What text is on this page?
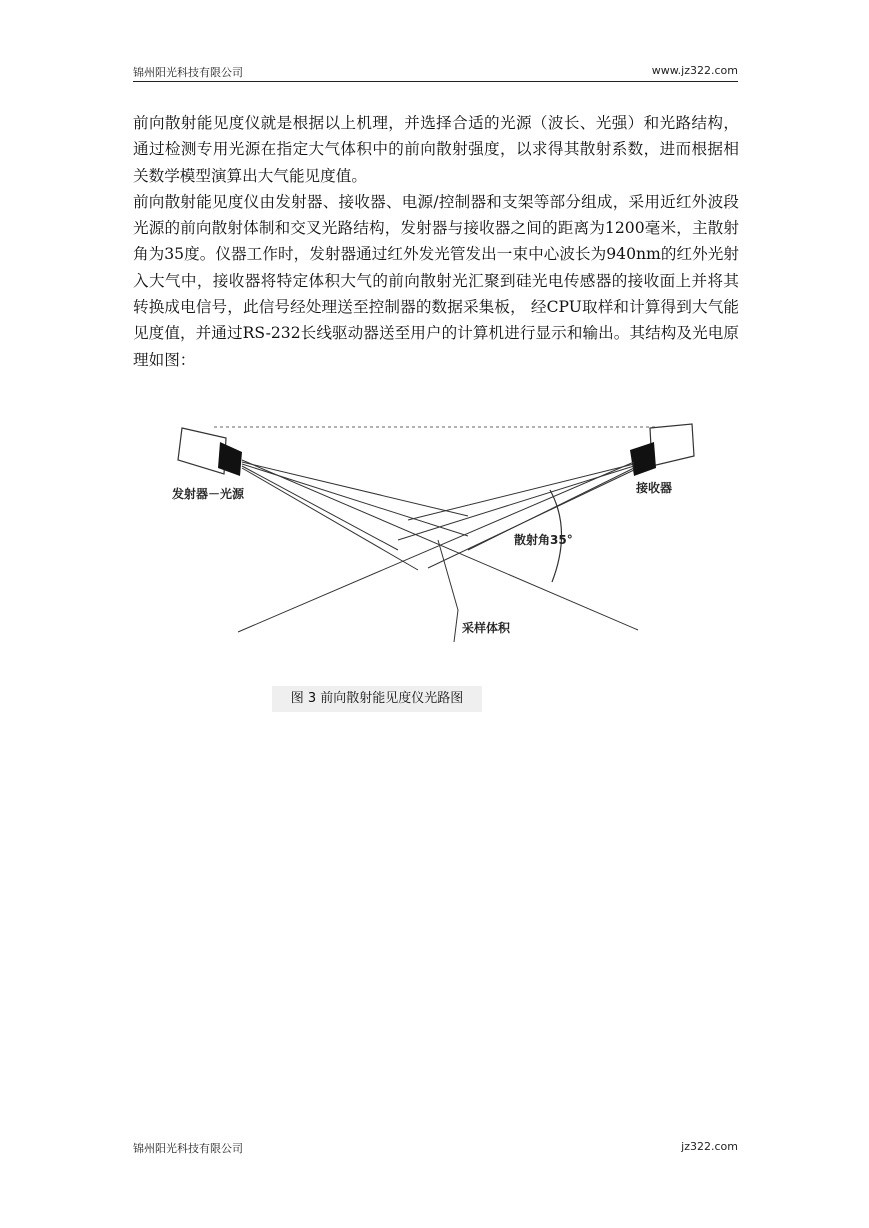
锦州阳光科技有限公司	www.jz322.com

前向散射能见度仪就是根据以上机理，并选择合适的光源（波长、光强）和光路结构，通过检测专用光源在指定大气体积中的前向散射强度，以求得其散射系数，进而根据相关数学模型演算出大气能见度值。

前向散射能见度仪由发射器、接收器、电源/控制器和支架等部分组成，采用近红外波段光源的前向散射体制和交叉光路结构，发射器与接收器之间的距离为1200毫米，主散射角为35度。仪器工作时，发射器通过红外发光管发出一束中心波长为940nm的红外光射入大气中，接收器将特定体积大气的前向散射光汇聚到硅光电传感器的接收面上并将其转换成电信号，此信号经处理送至控制器的数据采集板， 经CPU取样和计算得到大气能见度值，并通过RS-232长线驱动器送至用户的计算机进行显示和输出。其结构及光电原理如图：

发射器－光源	接收器
散射角35°
采样体积
图 3 前向散射能见度仪光路图
锦州阳光科技有限公司	jz322.com
